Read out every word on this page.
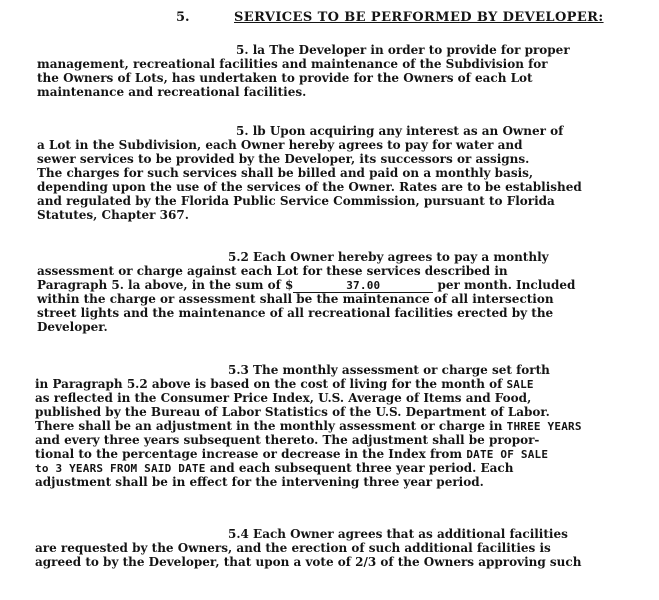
5.	SERVICES TO BE PERFORMED BY DEVELOPER:
5. la The Developer in order to provide for proper
management, recreational facilities and maintenance of the Subdivision for
the Owners of Lots, has undertaken to provide for the Owners of each Lot
maintenance and recreational facilities.
5. lb Upon acquiring any interest as an Owner of
a Lot in the Subdivision, each Owner hereby agrees to pay for water and
sewer services to be provided by the Developer, its successors or assigns.
The charges for such services shall be billed and paid on a monthly basis,
depending upon the use of the services of the Owner. Rates are to be established
and regulated by the Florida Public Service Commission, pursuant to Florida
Statutes, Chapter 367.
5.2 Each Owner hereby agrees to pay a monthly
assessment or charge against each Lot for these services described in
Paragraph 5. la above, in the sum of $	37.00	per month. Included
within the charge or assessment shall be the maintenance of all intersection
street lights and the maintenance of all recreational facilities erected by the
Developer.
5.3 The monthly assessment or charge set forth
in Paragraph 5.2 above is based on the cost of living for the month of SALE
as reflected in the Consumer Price Index, U.S. Average of Items and Food,
published by the Bureau of Labor Statistics of the U.S. Department of Labor.
There shall be an adjustment in the monthly assessment or charge in THREE YEARS
and every three years subsequent thereto. The adjustment shall be propor-
tional to the percentage increase or decrease in the Index from DATE OF SALE
to 3 YEARS FROM SAID DATE and each subsequent three year period. Each
adjustment shall be in effect for the intervening three year period.
5.4 Each Owner agrees that as additional facilities
are requested by the Owners, and the erection of such additional facilities is
agreed to by the Developer, that upon a vote of 2/3 of the Owners approving such
